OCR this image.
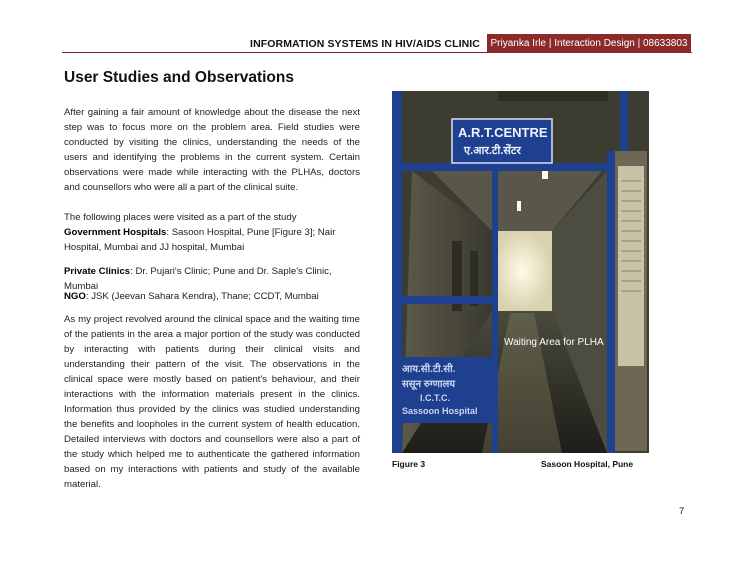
INFORMATION SYSTEMS IN HIV/AIDS CLINIC	Priyanka Irle | Interaction Design | 08633803
User Studies and Observations

After gaining a fair amount of knowledge about the disease the next step was to focus more on the problem area. Field studies were conducted by visiting the clinics, understanding the needs of the users and identifying the problems in the current system. Certain observations were made while interacting with the PLHAs, doctors and counsellors who were all a part of the clinical suite.

The following places were visited as a part of the study
Government Hospitals: Sasoon Hospital, Pune [Figure 3]; Nair Hospital, Mumbai and JJ hospital, Mumbai

Private Clinics: Dr. Pujari's Clinic; Pune and Dr. Saple's Clinic, Mumbai

NGO: JSK (Jeevan Sahara Kendra), Thane; CCDT, Mumbai

As my project revolved around the clinical space and the waiting time of the patients in the area a major portion of the study was conducted by interacting with patients during their clinical visits and understanding their pattern of the visit. The observations in the clinical space were mostly based on patient's behaviour, and their interactions with the information materials present in the clinics. Information thus provided by the clinics was studied understanding the benefits and loopholes in the current system of health education. Detailed interviews with doctors and counsellors were also a part of the study which helped me to authenticate the gathered information based on my interactions with patients and study of the available material.

A.R.T.CENTRE
ए.आर.टी.सेंटर
आय.सी.टी.सी.
ससून रुग्णालय
I.C.T.C.
Sassoon Hospital
Waiting Area for PLHA
Figure 3	Sasoon Hospital, Pune
7
